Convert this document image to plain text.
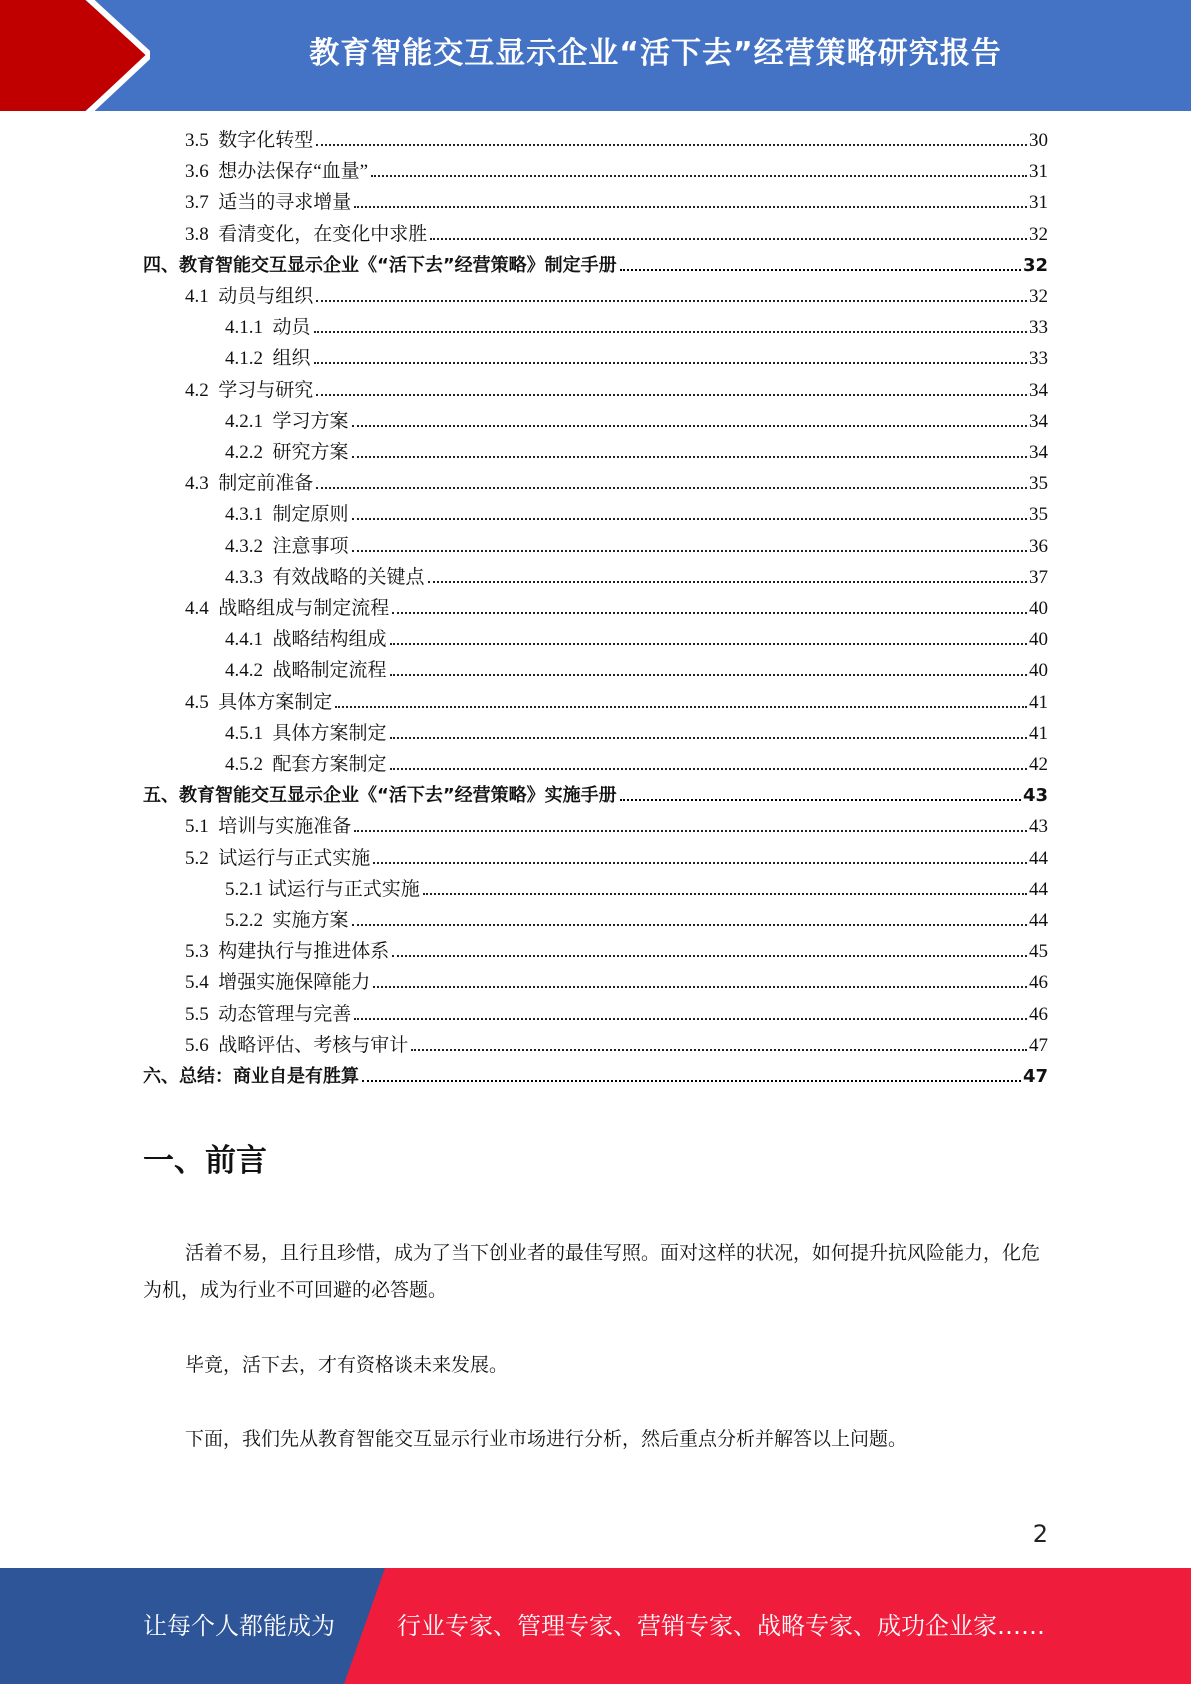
教育智能交互显示企业“活下去”经营策略研究报告
3.5 数字化转型	30
3.6 想办法保存“血量”	31
3.7 适当的寻求增量	31
3.8 看清变化，在变化中求胜	32
四、教育智能交互显示企业《“活下去”经营策略》制定手册	32
4.1 动员与组织	32
4.1.1 动员	33
4.1.2 组织	33
4.2 学习与研究	34
4.2.1 学习方案	34
4.2.2 研究方案	34
4.3 制定前准备	35
4.3.1 制定原则	35
4.3.2 注意事项	36
4.3.3 有效战略的关键点	37
4.4 战略组成与制定流程	40
4.4.1 战略结构组成	40
4.4.2 战略制定流程	40
4.5 具体方案制定	41
4.5.1 具体方案制定	41
4.5.2 配套方案制定	42
五、教育智能交互显示企业《“活下去”经营策略》实施手册	43
5.1 培训与实施准备	43
5.2 试运行与正式实施	44
5.2.1 试运行与正式实施	44
5.2.2 实施方案	44
5.3 构建执行与推进体系	45
5.4 增强实施保障能力	46
5.5 动态管理与完善	46
5.6 战略评估、考核与审计	47
六、总结：商业自是有胜算	47
一、前言

活着不易，且行且珍惜，成为了当下创业者的最佳写照。面对这样的状况，如何提升抗风险能力，化危为机，成为行业不可回避的必答题。

毕竟，活下去，才有资格谈未来发展。

下面，我们先从教育智能交互显示行业市场进行分析，然后重点分析并解答以上问题。

2
让每个人都能成为	行业专家、管理专家、营销专家、战略专家、成功企业家……
